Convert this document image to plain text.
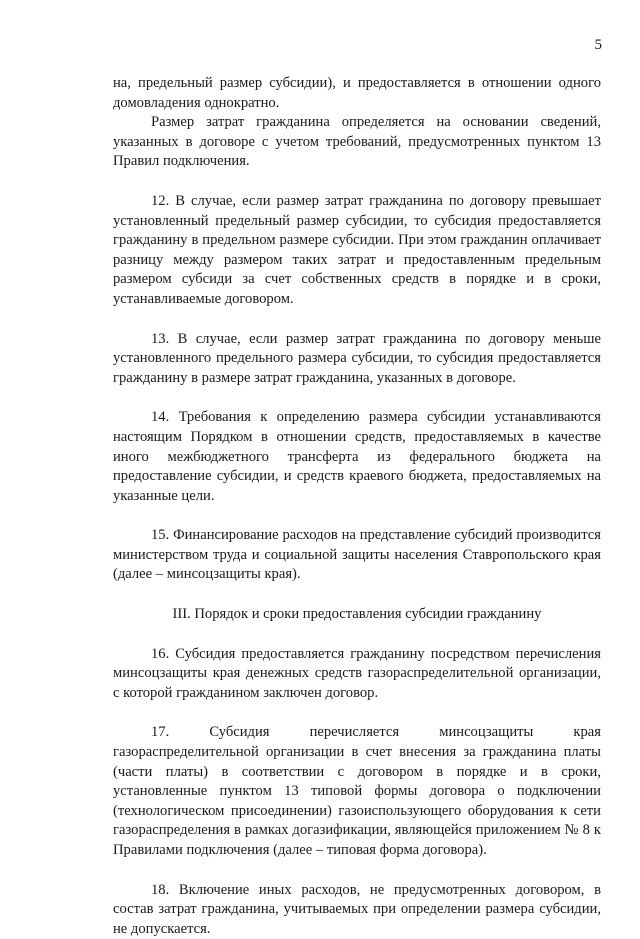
5

на, предельный размер субсидии), и предоставляется в отношении одного домовладения однократно.

Размер затрат гражданина определяется на основании сведений, указанных в договоре с учетом требований, предусмотренных пунктом 13 Правил подключения.

12. В случае, если размер затрат гражданина по договору превышает установленный предельный размер субсидии, то субсидия предоставляется гражданину в предельном размере субсидии. При этом гражданин оплачивает разницу между размером таких затрат и предоставленным предельным размером субсиди за счет собственных средств в порядке и в сроки, устанавливаемые договором.

13. В случае, если размер затрат гражданина по договору меньше установленного предельного размера субсидии, то субсидия предоставляется гражданину в размере затрат гражданина, указанных в договоре.

14. Требования к определению размера субсидии устанавливаются настоящим Порядком в отношении средств, предоставляемых в качестве иного межбюджетного трансферта из федерального бюджета на предоставление субсидии, и средств краевого бюджета, предоставляемых на указанные цели.

15. Финансирование расходов на представление субсидий производится министерством труда и социальной защиты населения Ставропольского края (далее – минсоцзащиты края).

III. Порядок и сроки предоставления субсидии гражданину

16. Субсидия предоставляется гражданину посредством перечисления минсоцзащиты края денежных средств газораспределительной организации, с которой гражданином заключен договор.

17. Субсидия перечисляется минсоцзащиты края газораспределительной организации в счет внесения за гражданина платы (части платы) в соответствии с договором в порядке и в сроки, установленные пунктом 13 типовой формы договора о подключении (технологическом присоединении) газоиспользующего оборудования к сети газораспределения в рамках догазификации, являющейся приложением № 8 к Правилами подключения (далее – типовая форма договора).

18. Включение иных расходов, не предусмотренных договором, в состав затрат гражданина, учитываемых при определении размера субсидии, не допускается.
